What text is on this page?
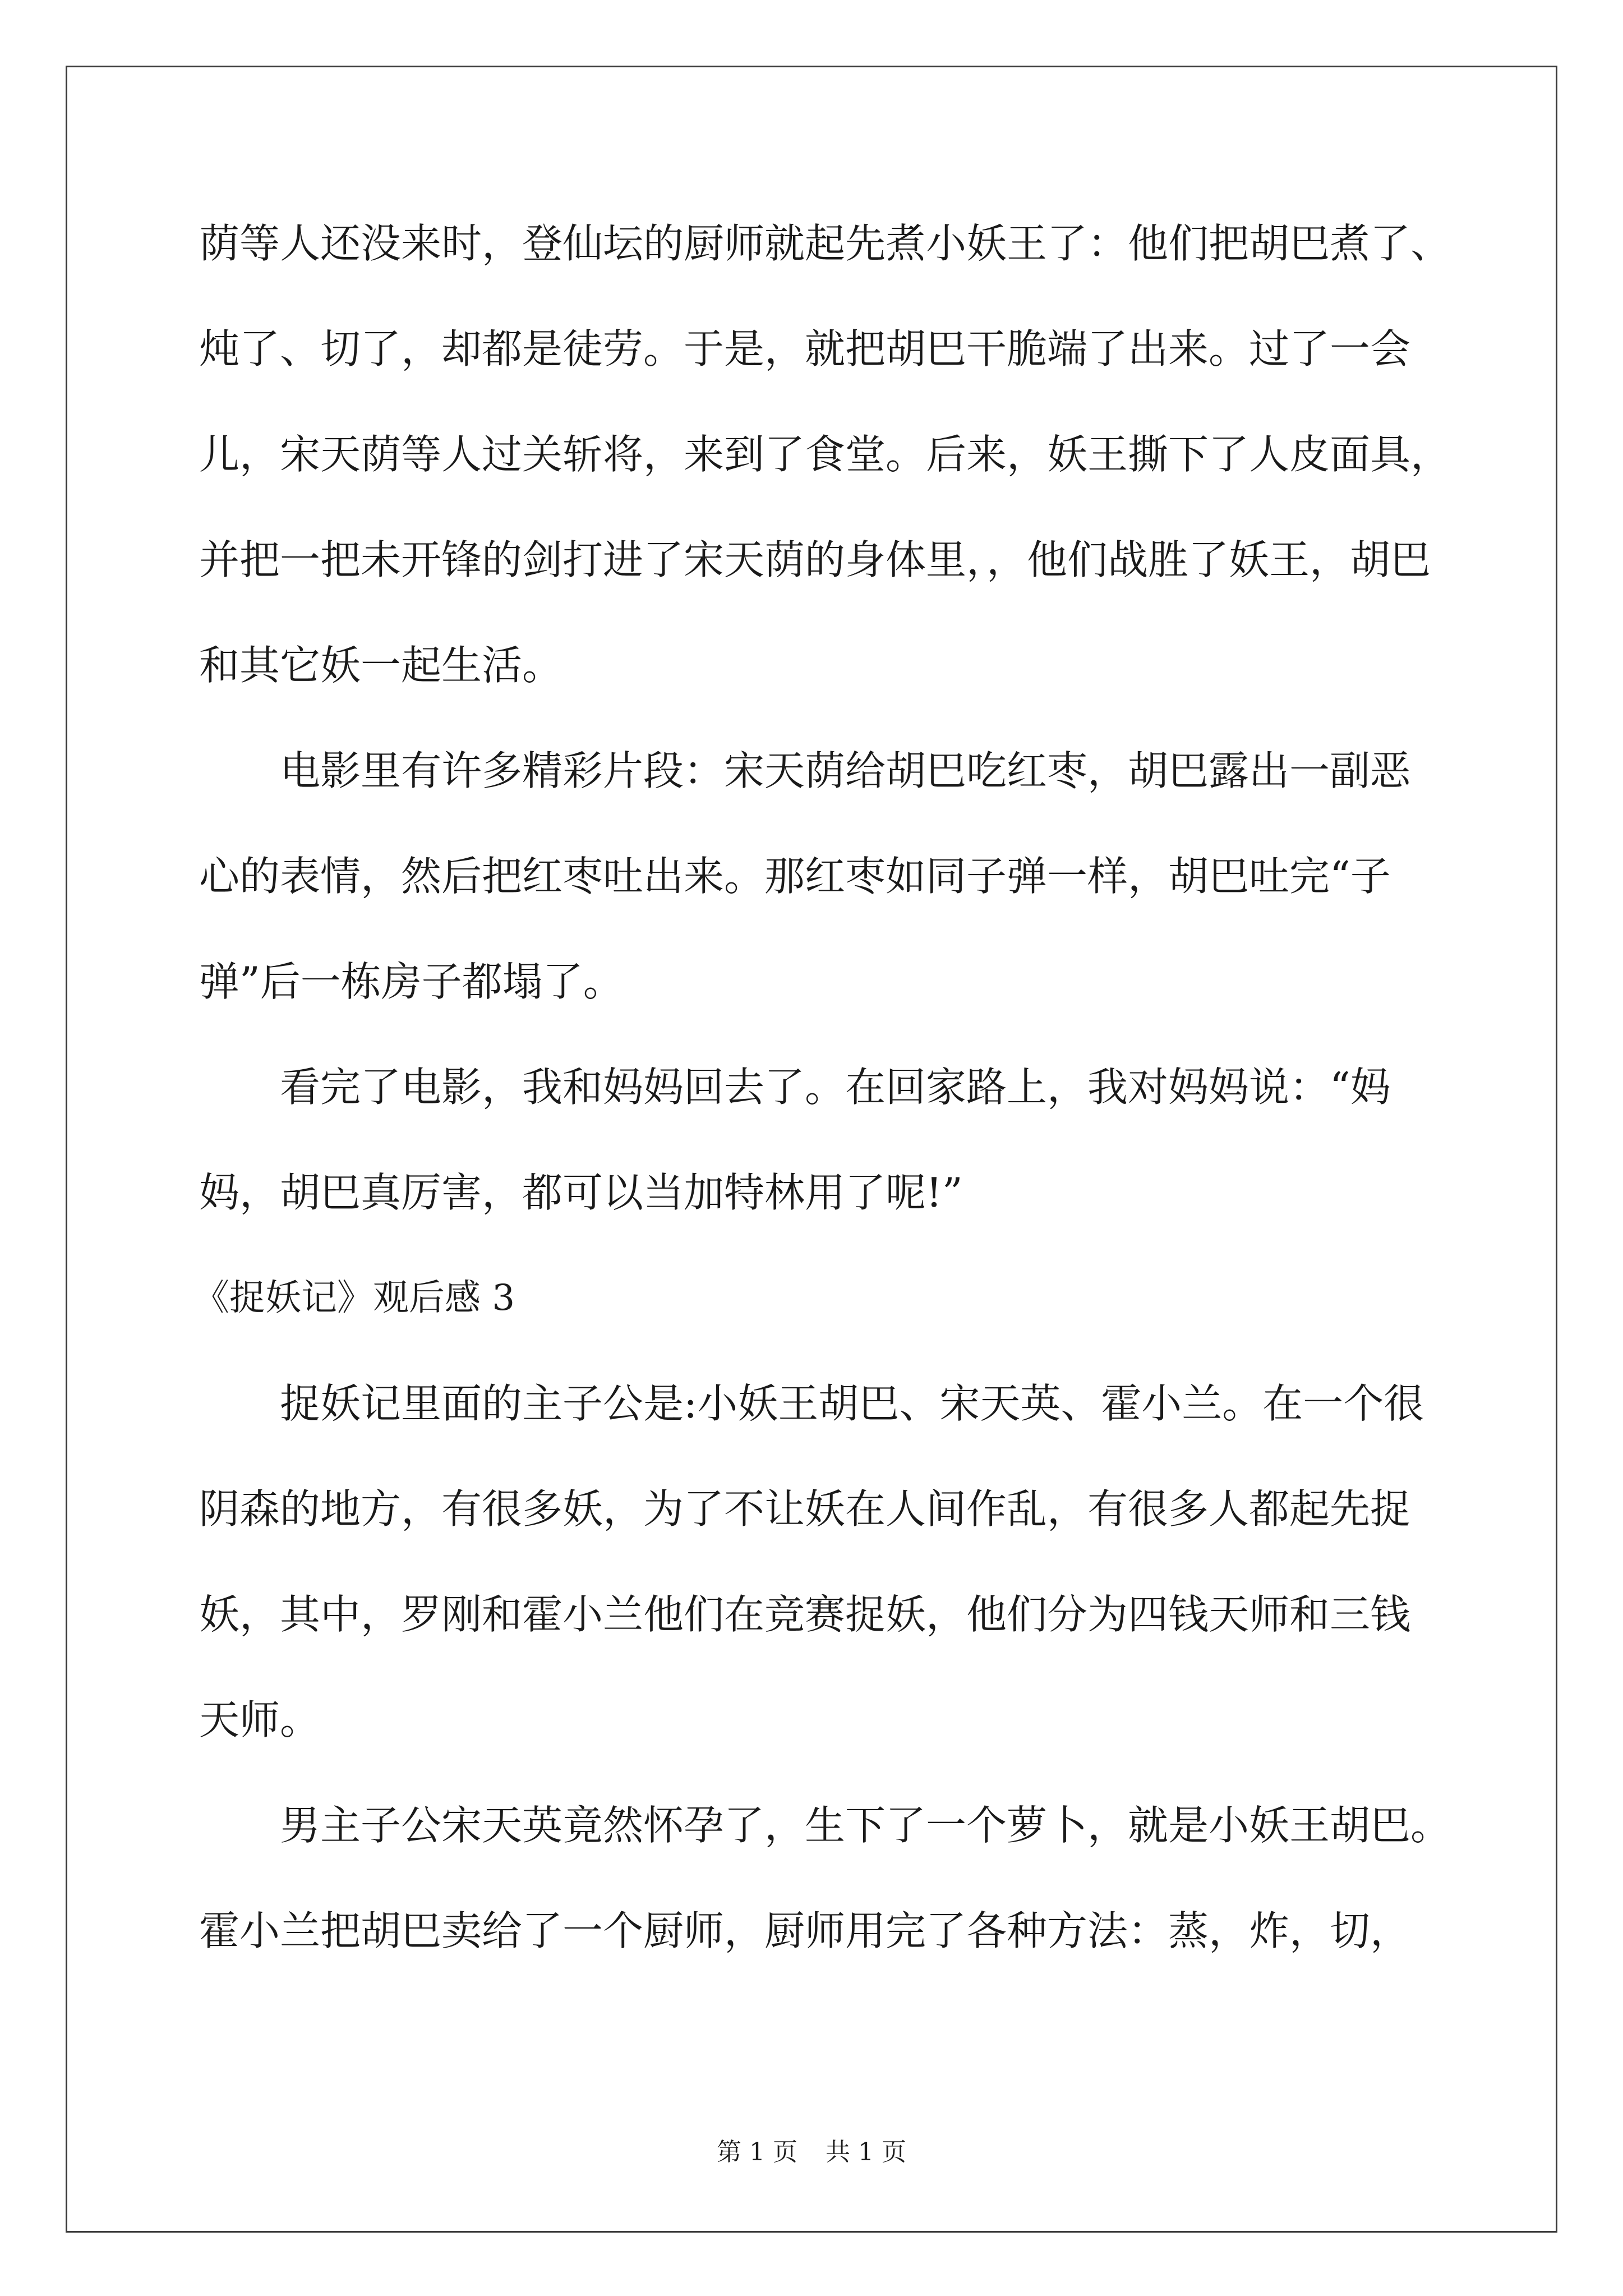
荫等人还没来时，登仙坛的厨师就起先煮小妖王了：他们把胡巴煮了、
炖了、切了，却都是徒劳。于是，就把胡巴干脆端了出来。过了一会
儿，宋天荫等人过关斩将，来到了食堂。后来，妖王撕下了人皮面具，
并把一把未开锋的剑打进了宋天荫的身体里，，他们战胜了妖王，胡巴
和其它妖一起生活。
电影里有许多精彩片段：宋天荫给胡巴吃红枣，胡巴露出一副恶
心的表情，然后把红枣吐出来。那红枣如同子弹一样，胡巴吐完“子
弹”后一栋房子都塌了。
看完了电影，我和妈妈回去了。在回家路上，我对妈妈说：“妈
妈，胡巴真厉害，都可以当加特林用了呢!”
《捉妖记》观后感 3
捉妖记里面的主子公是:小妖王胡巴、宋天英、霍小兰。在一个很
阴森的地方，有很多妖，为了不让妖在人间作乱，有很多人都起先捉
妖，其中，罗刚和霍小兰他们在竞赛捉妖，他们分为四钱天师和三钱
天师。
男主子公宋天英竟然怀孕了，生下了一个萝卜，就是小妖王胡巴。
霍小兰把胡巴卖给了一个厨师，厨师用完了各种方法：蒸，炸，切，
第 1 页 共 1 页
